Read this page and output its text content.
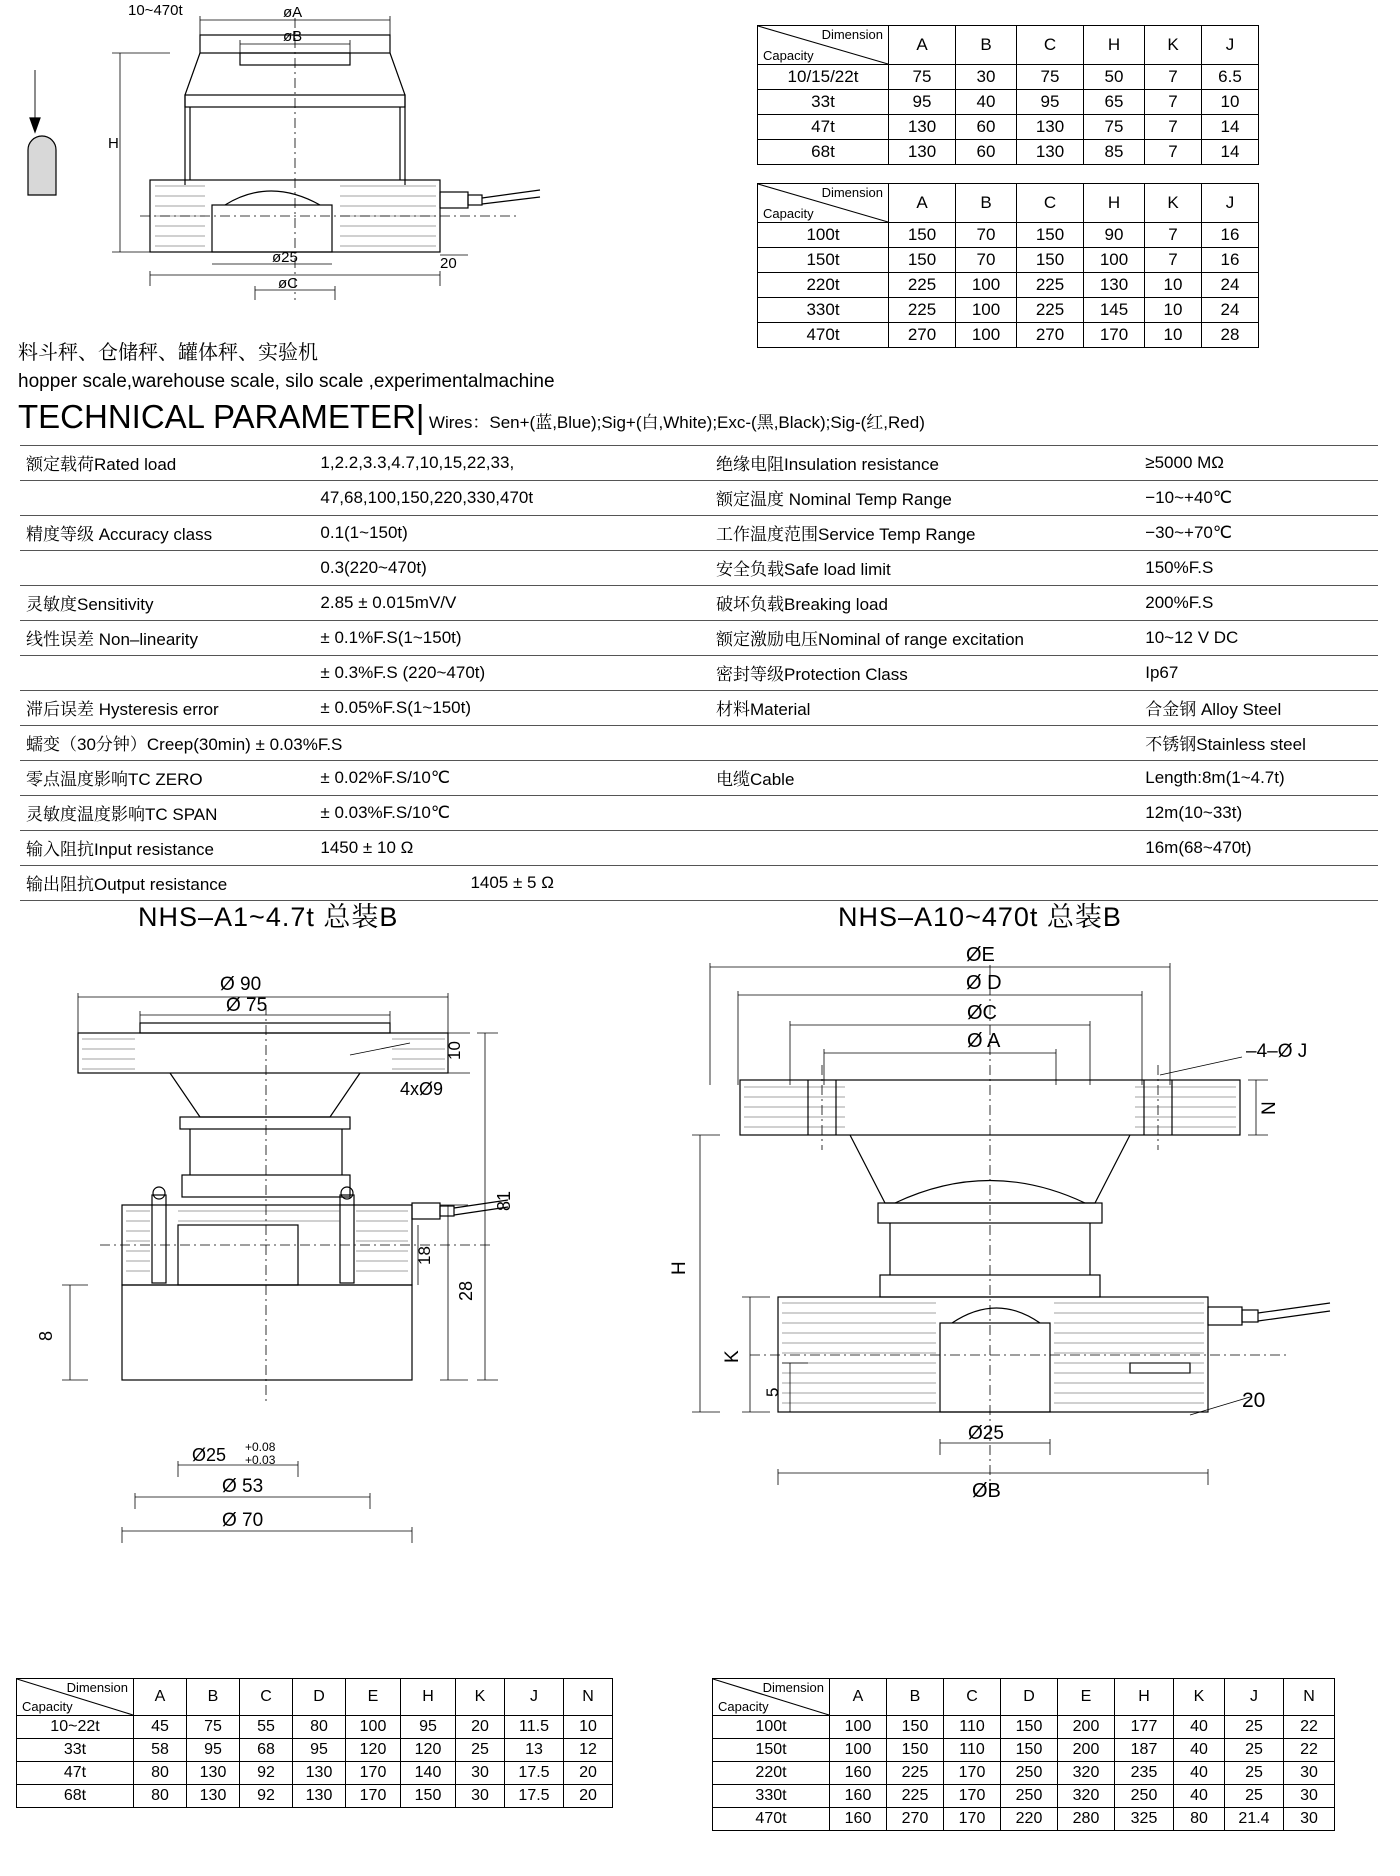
10~470t	øA
øB
H
ø25
øC
20
Dimension
Capacity	A	B	C	H	K	J
10/15/22t	75	30	75	50	7	6.5
33t	95	40	95	65	7	10
47t	130	60	130	75	7	14
68t	130	60	130	85	7	14
Dimension
Capacity	A	B	C	H	K	J
100t	150	70	150	90	7	16
150t	150	70	150	100	7	16
220t	225	100	225	130	10	24
330t	225	100	225	145	10	24
470t	270	100	270	170	10	28
料斗秤、仓储秤、罐体秤、实验机
hopper scale,warehouse scale, silo scale ,experimentalmachine
TECHNICAL PARAMETER| Wires：Sen+(蓝,Blue);Sig+(白,White);Exc-(黑,Black);Sig-(红,Red)
额定载荷Rated load	1,2.2,3.3,4.7,10,15,22,33,	绝缘电阻Insulation resistance	≥5000 MΩ
	47,68,100,150,220,330,470t	额定温度 Nominal Temp Range	−10~+40℃
精度等级 Accuracy class	0.1(1~150t)	工作温度范围Service Temp Range	−30~+70℃
	0.3(220~470t)	安全负载Safe load limit	150%F.S
灵敏度Sensitivity	2.85 ± 0.015mV/V	破坏负载Breaking load	200%F.S
线性误差 Non–linearity	± 0.1%F.S(1~150t)	额定激励电压Nominal of range excitation	10~12 V DC
	± 0.3%F.S (220~470t)	密封等级Protection Class	Ip67
滞后误差 Hysteresis error	± 0.05%F.S(1~150t)	材料Material	合金钢 Alloy Steel
蠕变（30分钟）Creep(30min) ± 0.03%F.S			不锈钢Stainless steel
零点温度影响TC ZERO	± 0.02%F.S/10℃	电缆Cable	Length:8m(1~4.7t)
灵敏度温度影响TC SPAN	± 0.03%F.S/10℃		12m(10~33t)
输入阻抗Input resistance	1450 ± 10 Ω		16m(68~470t)
输出阻抗Output resistance	1405 ± 5 Ω		
NHS–A1~4.7t 总装B	NHS–A10~470t 总装B
Ø 90
Ø 75
10
4xØ9
81
28
18
8
Ø25 +0.08
+0.03
Ø 53
Ø 70
ØE
Ø D
ØC
Ø A	–4–Ø J
N
H
K
5
Ø25
20
ØB
Dimension
Capacity	A	B	C	D	E	H	K	J	N
10~22t	45	75	55	80	100	95	20	11.5	10
33t	58	95	68	95	120	120	25	13	12
47t	80	130	92	130	170	140	30	17.5	20
68t	80	130	92	130	170	150	30	17.5	20
Dimension
Capacity	A	B	C	D	E	H	K	J	N
100t	100	150	110	150	200	177	40	25	22
150t	100	150	110	150	200	187	40	25	22
220t	160	225	170	250	320	235	40	25	30
330t	160	225	170	250	320	250	40	25	30
470t	160	270	170	220	280	325	80	21.4	30
